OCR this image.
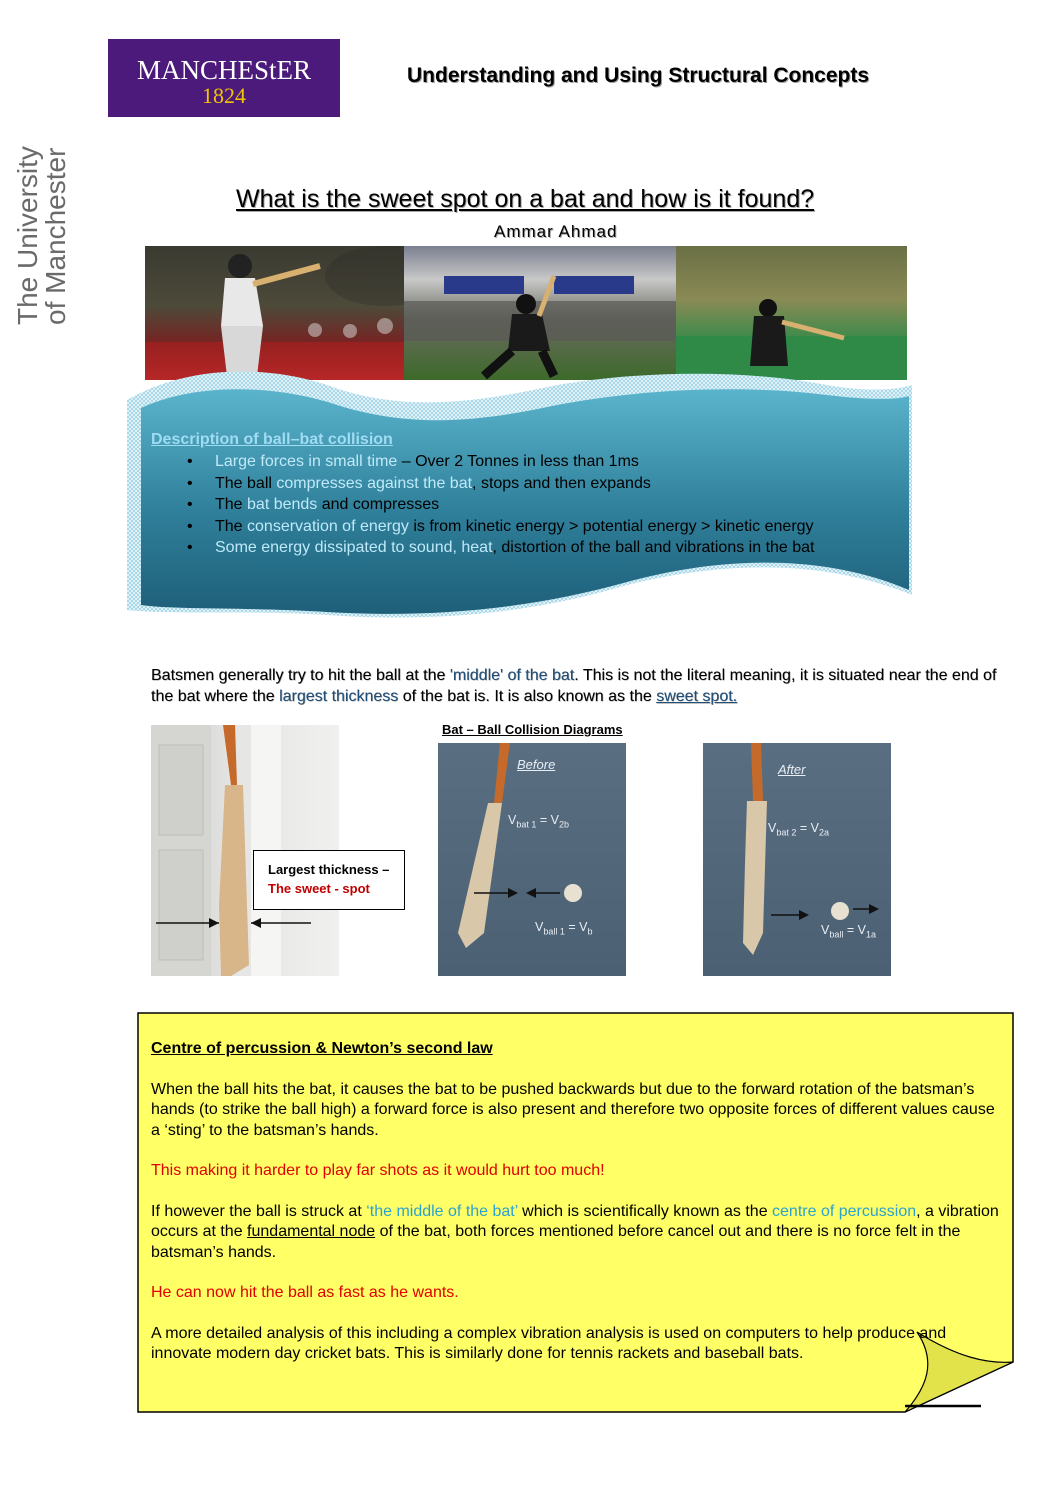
MANCHEStER
1824
The University
of Manchester
Understanding and Using Structural Concepts
What is the sweet spot on a bat and how is it found?
Ammar Ahmad
Description of ball–bat collision
• Large forces in small time – Over 2 Tonnes in less than 1ms
• The ball compresses against the bat, stops and then expands
• The bat bends and compresses
• The conservation of energy is from kinetic energy > potential energy > kinetic energy
• Some energy dissipated to sound, heat, distortion of the ball and vibrations in the bat
Batsmen generally try to hit the ball at the 'middle' of the bat. This is not the literal meaning, it is situated near the end of the bat where the largest thickness of the bat is. It is also known as the sweet spot.
Largest thickness –
The sweet - spot
Bat – Ball Collision Diagrams
Before
$V_{bat 1} = V_{2b}$
$V_{ball 1} = V_b$
After
$V_{bat 2} = V_{2a}$
$V_{ball} = V_{1a}$

Centre of percussion & Newton’s second law

When the ball hits the bat, it causes the bat to be pushed backwards but due to the forward rotation of the batsman’s hands (to strike the ball high) a forward force is also present and therefore two opposite forces of different values cause a ‘sting’ to the batsman’s hands.

This making it harder to play far shots as it would hurt too much!

If however the ball is struck at ‘the middle of the bat’ which is scientifically known as the centre of percussion, a vibration occurs at the fundamental node of the bat, both forces mentioned before cancel out and there is no force felt in the batsman’s hands.

He can now hit the ball as fast as he wants.

A more detailed analysis of this including a complex vibration analysis is used on computers to help produce and innovate modern day cricket bats. This is similarly done for tennis rackets and baseball bats.
